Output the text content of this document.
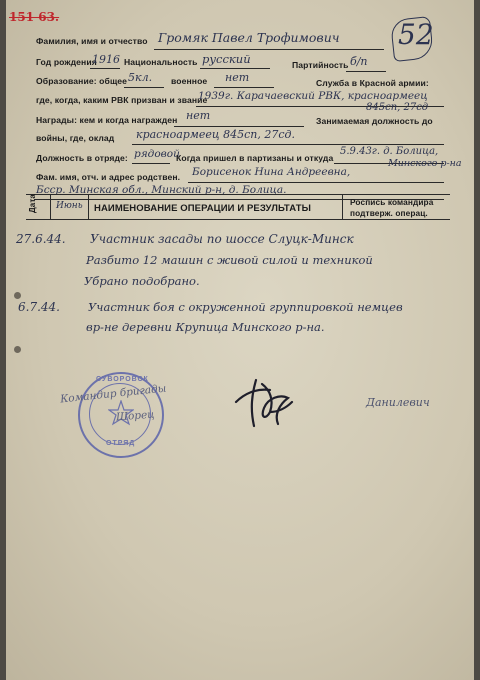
151 63.
52
Фамилия, имя и отчество Громяк Павел Трофимович
Год рождения
1916 Национальность русский	Партийность б/п
Образование: общее 5кл. военное нет	Служба в Красной армии:
где, когда, каким РВК призван и звание
1939г. Карачаевский РВК, красноармеец
845сп, 27сд
Награды: кем и когда награжден нет	Занимаемая должность до
войны, где, оклад красноармеец 845сп, 27сд.
Должность в отряде: рядовой
Когда пришел в партизаны и откуда
5.9.43г. д. Болица,
Минского р-на
Фам. имя, отч. и адрес родствен. Борисенок Нина Андреевна,
Бсср. Минская обл., Минский р-н, д. Болица.
Дата Июнь НАИМЕНОВАНИЕ ОПЕРАЦИИ И РЕЗУЛЬТАТЫ
Роспись командира
подтверж. операц.
27.6.44. Участник засады по шоссе Слуцк-Минск
Разбито 12 машин с живой силой и техникой
Убрано подобрано.
6.7.44. Участник боя с окруженной группировкой немцев
вр-не деревни Крупица Минского р-на.
СУВОРОВСК
ОТРЯД
Командир бригады
Шорец
Данилевич
